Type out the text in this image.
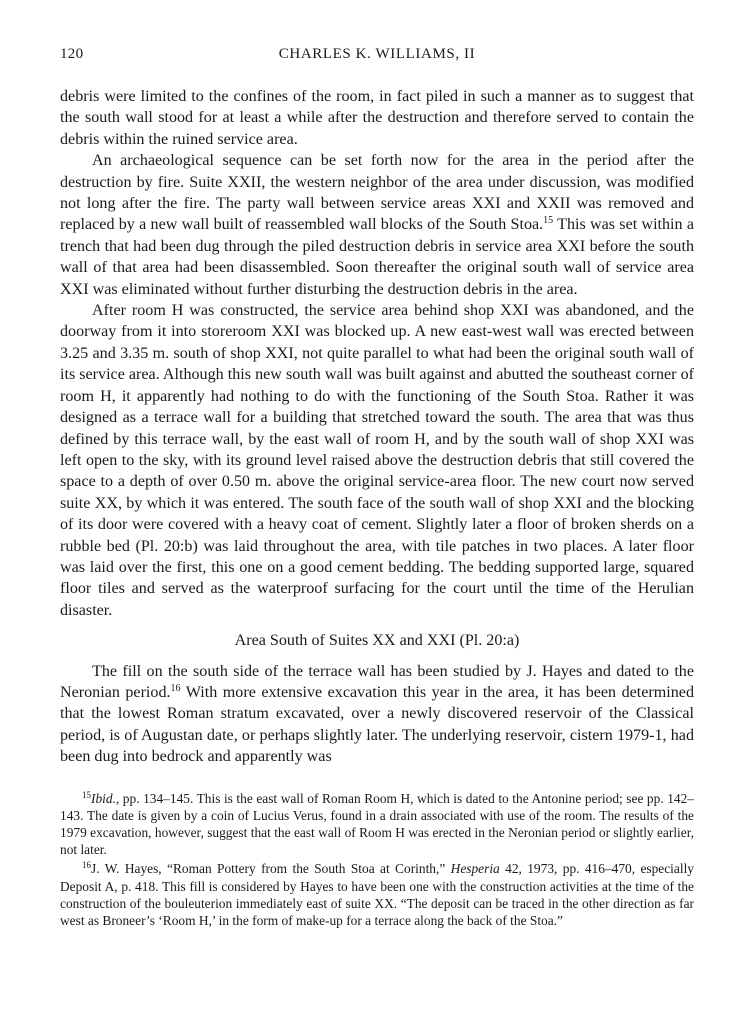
120	CHARLES K. WILLIAMS, II

debris were limited to the confines of the room, in fact piled in such a manner as to suggest that the south wall stood for at least a while after the destruction and therefore served to contain the debris within the ruined service area.

An archaeological sequence can be set forth now for the area in the period after the destruction by fire. Suite XXII, the western neighbor of the area under discussion, was modified not long after the fire. The party wall between service areas XXI and XXII was removed and replaced by a new wall built of reassembled wall blocks of the South Stoa.$^{15}$ This was set within a trench that had been dug through the piled destruction debris in service area XXI before the south wall of that area had been disassembled. Soon thereafter the original south wall of service area XXI was eliminated without further disturbing the destruction debris in the area.

After room H was constructed, the service area behind shop XXI was abandoned, and the doorway from it into storeroom XXI was blocked up. A new east-west wall was erected between 3.25 and 3.35 m. south of shop XXI, not quite parallel to what had been the original south wall of its service area. Although this new south wall was built against and abutted the southeast corner of room H, it apparently had nothing to do with the functioning of the South Stoa. Rather it was designed as a terrace wall for a building that stretched toward the south. The area that was thus defined by this terrace wall, by the east wall of room H, and by the south wall of shop XXI was left open to the sky, with its ground level raised above the destruction debris that still covered the space to a depth of over 0.50 m. above the original service-area floor. The new court now served suite XX, by which it was entered. The south face of the south wall of shop XXI and the blocking of its door were covered with a heavy coat of cement. Slightly later a floor of broken sherds on a rubble bed (Pl. 20:b) was laid throughout the area, with tile patches in two places. A later floor was laid over the first, this one on a good cement bedding. The bedding supported large, squared floor tiles and served as the waterproof surfacing for the court until the time of the Herulian disaster.

Area South of Suites XX and XXI (Pl. 20:a)

The fill on the south side of the terrace wall has been studied by J. Hayes and dated to the Neronian period.$^{16}$ With more extensive excavation this year in the area, it has been determined that the lowest Roman stratum excavated, over a newly discovered reservoir of the Classical period, is of Augustan date, or perhaps slightly later. The underlying reservoir, cistern 1979-1, had been dug into bedrock and apparently was

$^{15}$Ibid., pp. 134–145. This is the east wall of Roman Room H, which is dated to the Antonine period; see pp. 142–143. The date is given by a coin of Lucius Verus, found in a drain associated with use of the room. The results of the 1979 excavation, however, suggest that the east wall of Room H was erected in the Neronian period or slightly earlier, not later.

$^{16}$J. W. Hayes, “Roman Pottery from the South Stoa at Corinth,” Hesperia 42, 1973, pp. 416–470, especially Deposit A, p. 418. This fill is considered by Hayes to have been one with the construction activities at the time of the construction of the bouleuterion immediately east of suite XX. “The deposit can be traced in the other direction as far west as Broneer’s ‘Room H,’ in the form of make-up for a terrace along the back of the Stoa.”
